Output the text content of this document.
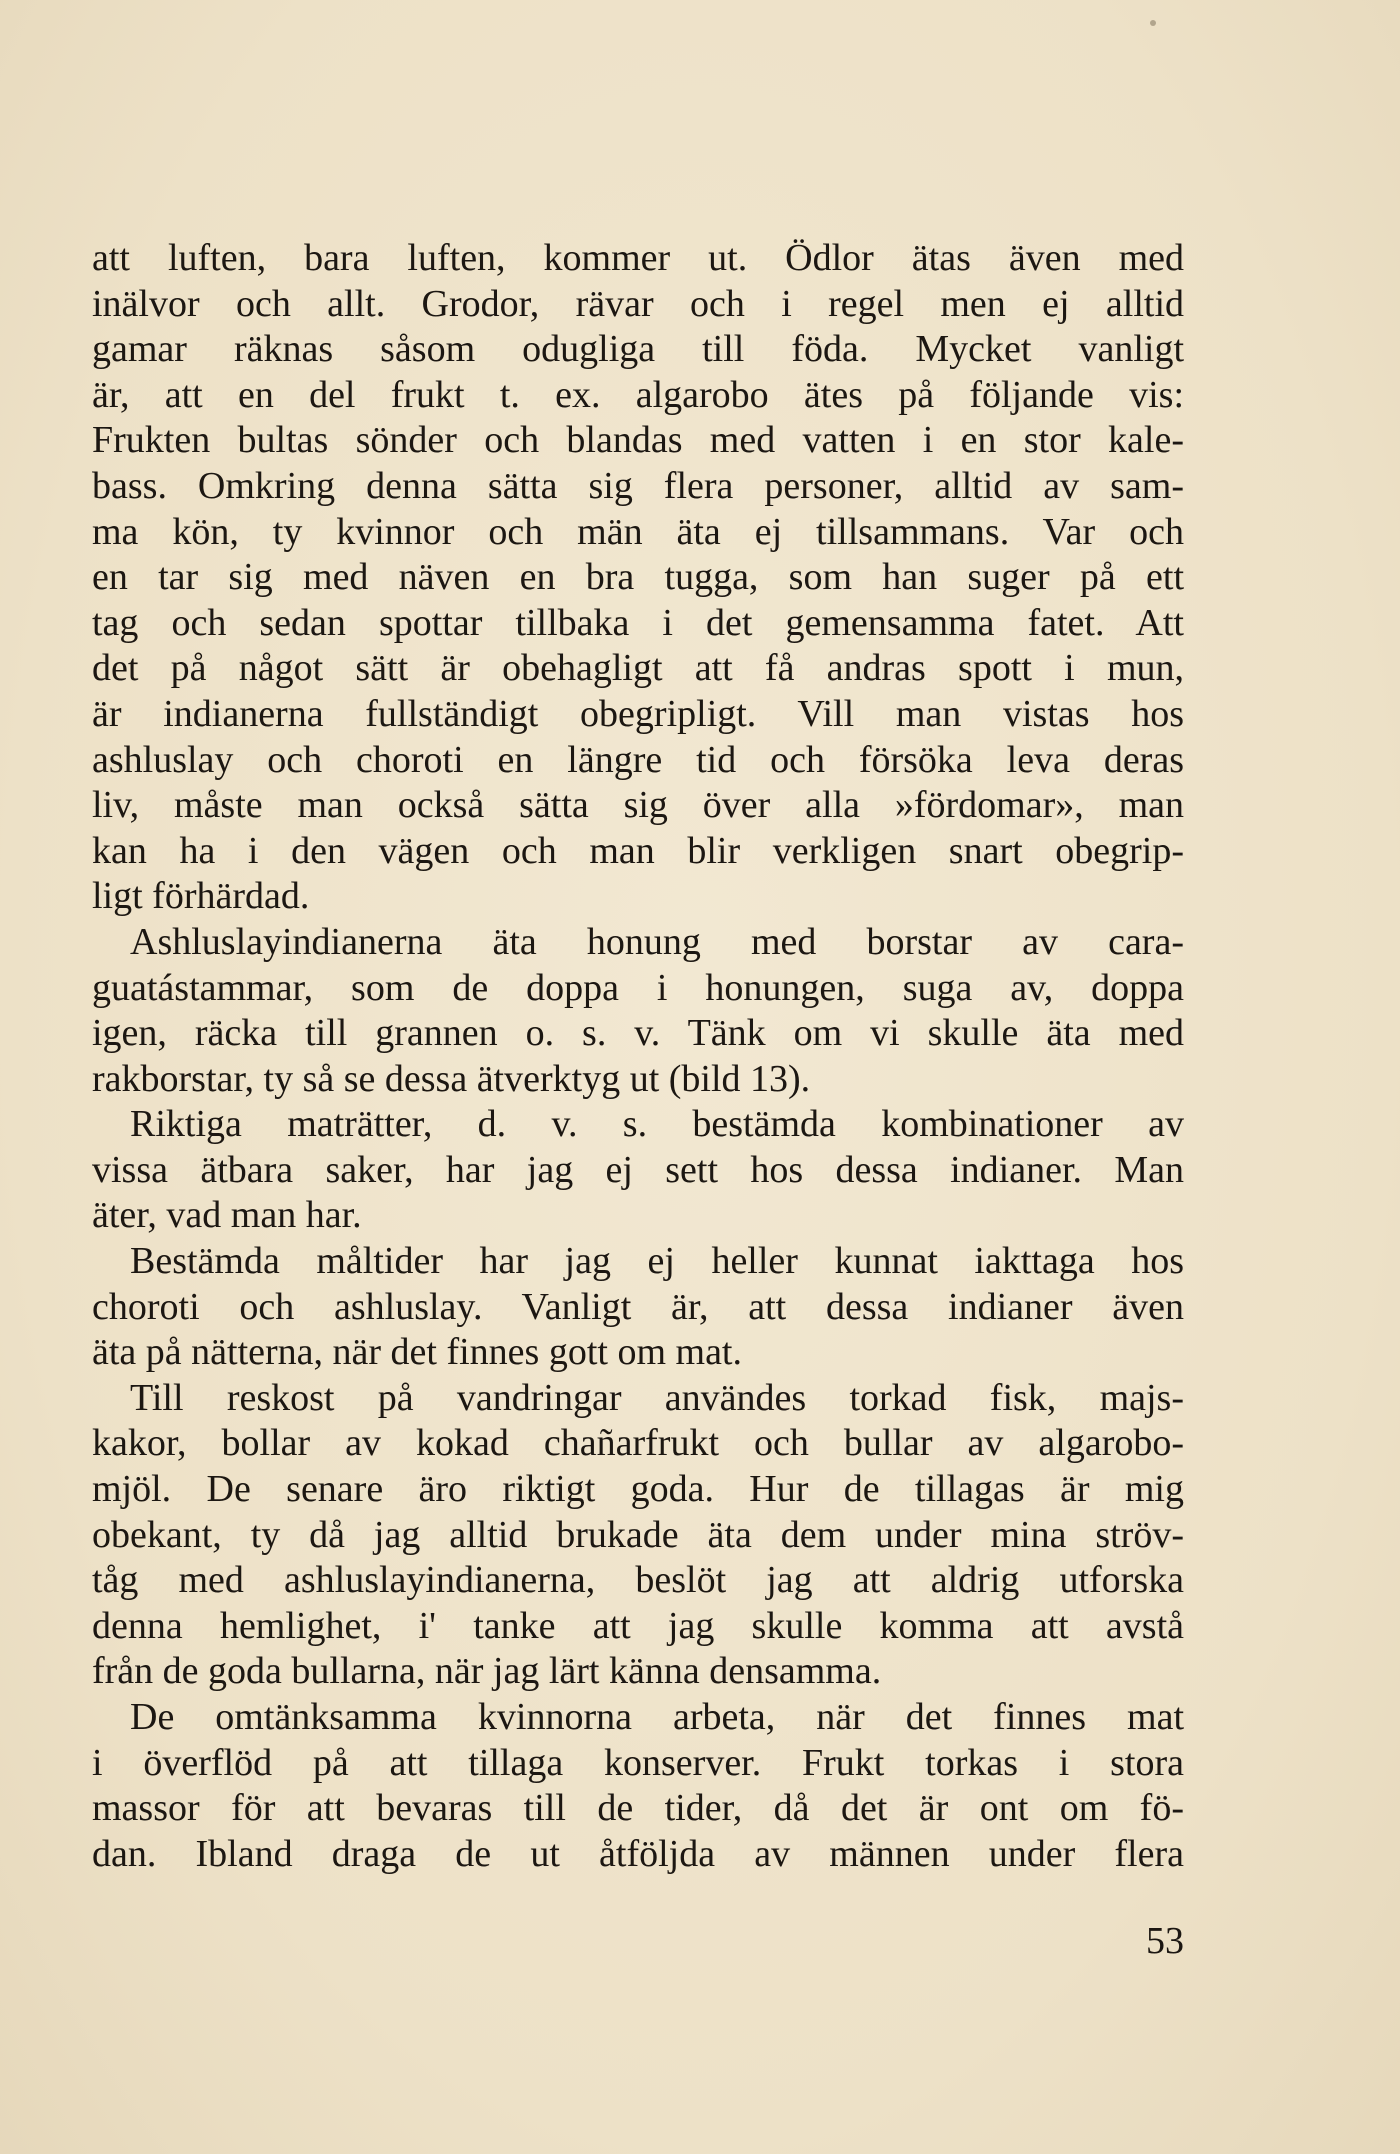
att luften, bara luften, kommer ut. Ödlor ätas även med
inälvor och allt. Grodor, rävar och i regel men ej alltid
gamar räknas såsom odugliga till föda. Mycket vanligt
är, att en del frukt t. ex. algarobo ätes på följande vis:
Frukten bultas sönder och blandas med vatten i en stor kale-
bass. Omkring denna sätta sig flera personer, alltid av sam-
ma kön, ty kvinnor och män äta ej tillsammans. Var och
en tar sig med näven en bra tugga, som han suger på ett
tag och sedan spottar tillbaka i det gemensamma fatet. Att
det på något sätt är obehagligt att få andras spott i mun,
är indianerna fullständigt obegripligt. Vill man vistas hos
ashluslay och choroti en längre tid och försöka leva deras
liv, måste man också sätta sig över alla »fördomar», man
kan ha i den vägen och man blir verkligen snart obegrip-
ligt förhärdad.
Ashluslayindianerna äta honung med borstar av cara-
guatástammar, som de doppa i honungen, suga av, doppa
igen, räcka till grannen o. s. v. Tänk om vi skulle äta med
rakborstar, ty så se dessa ätverktyg ut (bild 13).
Riktiga maträtter, d. v. s. bestämda kombinationer av
vissa ätbara saker, har jag ej sett hos dessa indianer. Man
äter, vad man har.
Bestämda måltider har jag ej heller kunnat iakttaga hos
choroti och ashluslay. Vanligt är, att dessa indianer även
äta på nätterna, när det finnes gott om mat.
Till reskost på vandringar användes torkad fisk, majs-
kakor, bollar av kokad chañarfrukt och bullar av algarobo-
mjöl. De senare äro riktigt goda. Hur de tillagas är mig
obekant, ty då jag alltid brukade äta dem under mina ströv-
tåg med ashluslayindianerna, beslöt jag att aldrig utforska
denna hemlighet, i' tanke att jag skulle komma att avstå
från de goda bullarna, när jag lärt känna densamma.
De omtänksamma kvinnorna arbeta, när det finnes mat
i överflöd på att tillaga konserver. Frukt torkas i stora
massor för att bevaras till de tider, då det är ont om fö-
dan. Ibland draga de ut åtföljda av männen under flera
53
